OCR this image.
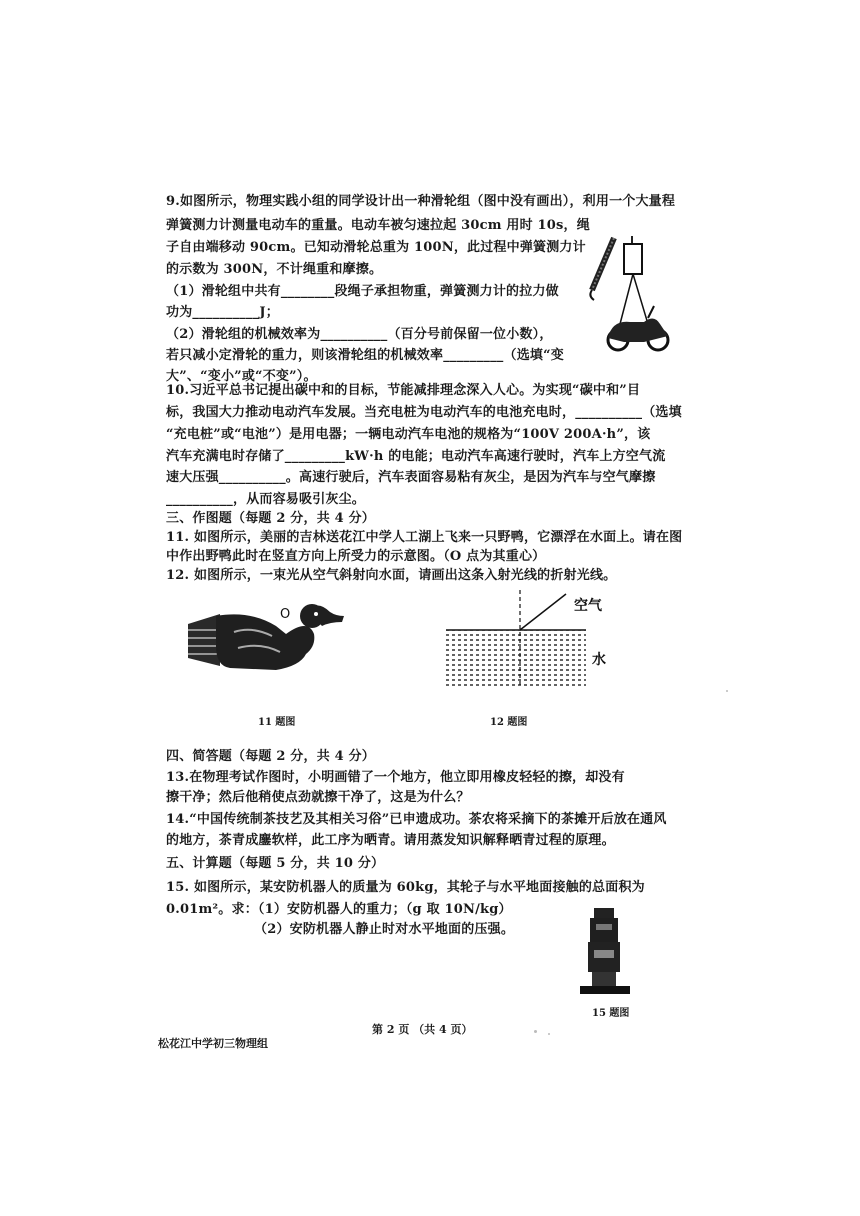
9.如图所示，物理实践小组的同学设计出一种滑轮组（图中没有画出），利用一个大量程
弹簧测力计测量电动车的重量。电动车被匀速拉起 30cm 用时 10s，绳
子自由端移动 90cm。已知动滑轮总重为 100N，此过程中弹簧测力计
的示数为 300N，不计绳重和摩擦。
（1）滑轮组中共有________段绳子承担物重，弹簧测力计的拉力做
功为__________J；
（2）滑轮组的机械效率为__________（百分号前保留一位小数），
若只减小定滑轮的重力，则该滑轮组的机械效率_________（选填“变
大”、“变小”或“不变”）。
10.习近平总书记提出碳中和的目标，节能减排理念深入人心。为实现“碳中和”目
标，我国大力推动电动汽车发展。当充电桩为电动汽车的电池充电时，__________（选填
“充电桩”或“电池”）是用电器；一辆电动汽车电池的规格为“100V 200A·h”，该
汽车充满电时存储了_________kW·h 的电能；电动汽车高速行驶时，汽车上方空气流
速大压强__________。高速行驶后，汽车表面容易粘有灰尘，是因为汽车与空气摩擦
__________，从而容易吸引灰尘。
三、作图题（每题 2 分，共 4 分）
11. 如图所示，美丽的吉林送花江中学人工湖上飞来一只野鸭，它漂浮在水面上。请在图
中作出野鸭此时在竖直方向上所受力的示意图。（O 点为其重心）
12. 如图所示，一束光从空气斜射向水面，请画出这条入射光线的折射光线。
O
11 题图
空气
水
12 题图
四、简答题（每题 2 分，共 4 分）
13.在物理考试作图时，小明画错了一个地方，他立即用橡皮轻轻的擦，却没有
擦干净；然后他稍使点劲就擦干净了，这是为什么？
14.“中国传统制茶技艺及其相关习俗”已申遗成功。茶农将采摘下的茶摊开后放在通风
的地方，茶青成鏖软样，此工序为晒青。请用蒸发知识解释晒青过程的原理。
五、计算题（每题 5 分，共 10 分）
15. 如图所示，某安防机器人的质量为 60kg，其轮子与水平地面接触的总面积为
0.01m²。求：（1）安防机器人的重力；（g 取 10N/kg）
（2）安防机器人静止时对水平地面的压强。
15 题图
第 2 页 （共 4 页）
松花江中学初三物理组
